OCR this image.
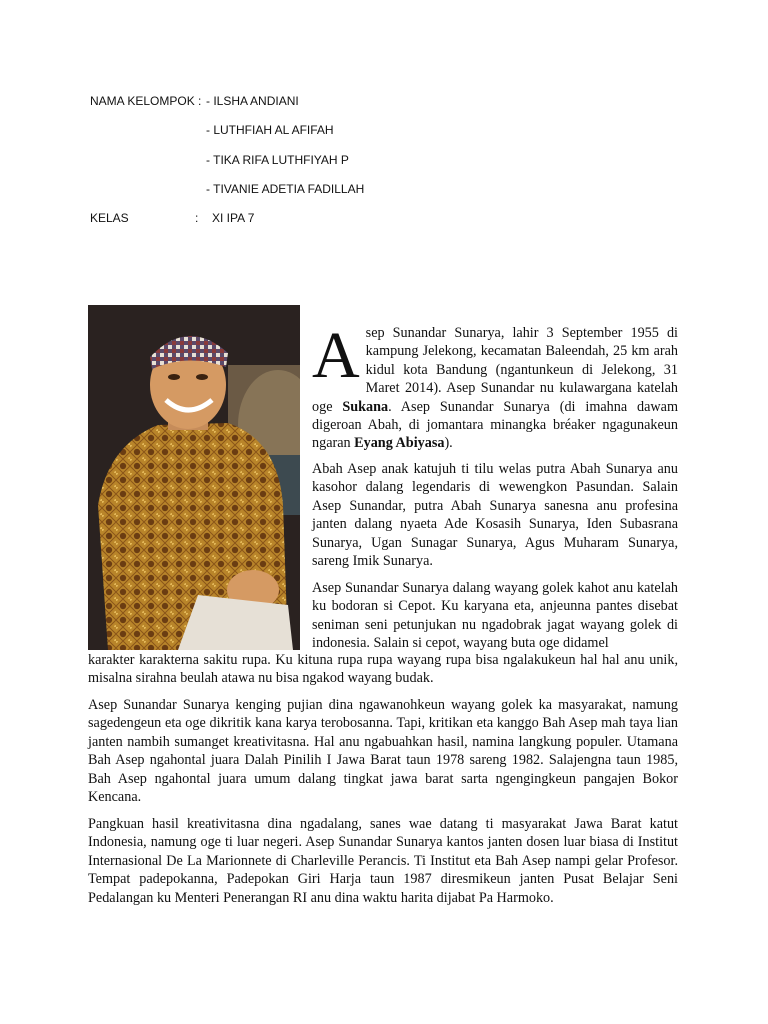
NAMA KELOMPOK : - ILSHA ANDIANI
- LUTHFIAH AL AFIFAH
- TIKA RIFA LUTHFIYAH P
- TIVANIE ADETIA FADILLAH
KELAS	: XI IPA 7

Asep Sunandar Sunarya, lahir 3 September 1955 di kampung Jelekong, kecamatan Baleendah, 25 km arah kidul kota Bandung (ngantunkeun di Jelekong, 31 Maret 2014). Asep Sunandar nu kulawargana katelah oge Sukana. Asep Sunandar Sunarya (di imahna dawam digeroan Abah, di jomantara minangka bréaker ngagunakeun ngaran Eyang Abiyasa).

Abah Asep anak katujuh ti tilu welas putra Abah Sunarya anu kasohor dalang legendaris di wewengkon Pasundan. Salain Asep Sunandar, putra Abah Sunarya sanesna anu profesina janten dalang nyaeta Ade Kosasih Sunarya, Iden Subasrana Sunarya, Ugan Sunagar Sunarya, Agus Muharam Sunarya, sareng Imik Sunarya.

Asep Sunandar Sunarya dalang wayang golek kahot anu katelah ku bodoran si Cepot. Ku karyana eta, anjeunna pantes disebat seniman seni petunjukan nu ngadobrak jagat wayang golek di indonesia. Salain si cepot, wayang buta oge didamel

karakter karakterna sakitu rupa. Ku kituna rupa rupa wayang rupa bisa ngalakukeun hal hal anu unik, misalna sirahna beulah atawa nu bisa ngakod wayang budak.

Asep Sunandar Sunarya kenging pujian dina ngawanohkeun wayang golek ka masyarakat, namung sagedengeun eta oge dikritik kana karya terobosanna. Tapi, kritikan eta kanggo Bah Asep mah taya lian janten nambih sumanget kreativitasna. Hal anu ngabuahkan hasil, namina langkung populer. Utamana Bah Asep ngahontal juara Dalah Pinilih I Jawa Barat taun 1978 sareng 1982. Salajengna taun 1985, Bah Asep ngahontal juara umum dalang tingkat jawa barat sarta ngengingkeun pangajen Bokor Kencana.

Pangkuan hasil kreativitasna dina ngadalang, sanes wae datang ti masyarakat Jawa Barat katut Indonesia, namung oge ti luar negeri. Asep Sunandar Sunarya kantos janten dosen luar biasa di Institut Internasional De La Marionnete di Charleville Perancis. Ti Institut eta Bah Asep nampi gelar Profesor. Tempat padepokanna, Padepokan Giri Harja taun 1987 diresmikeun janten Pusat Belajar Seni Pedalangan ku Menteri Penerangan RI anu dina waktu harita dijabat Pa Harmoko.
